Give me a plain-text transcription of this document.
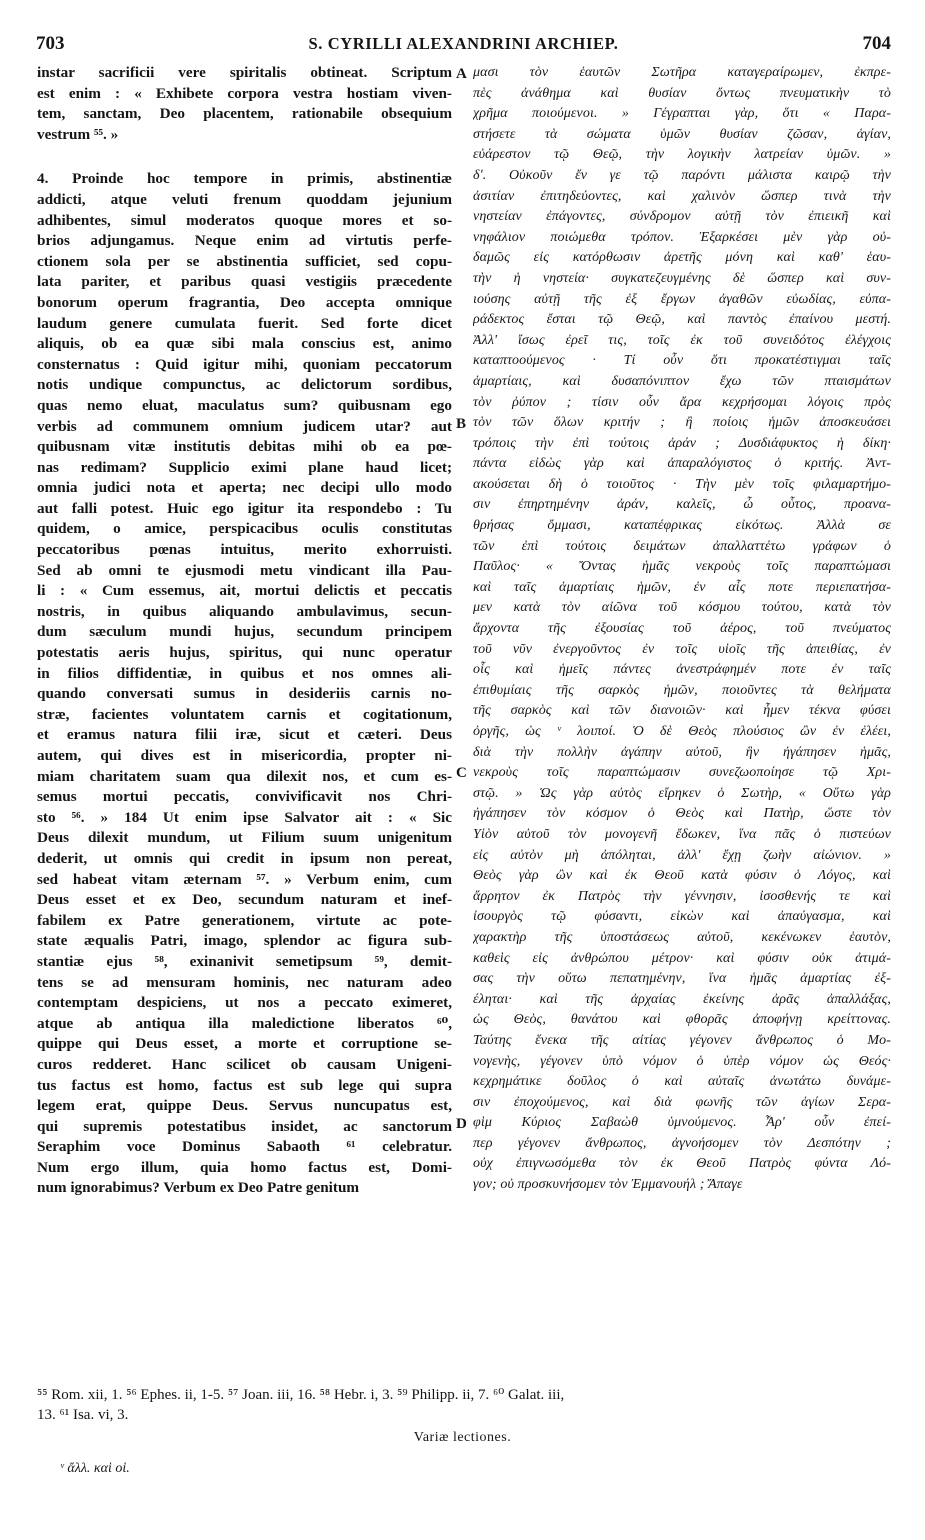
703	S. CYRILLI ALEXANDRINI ARCHIEP.	704
instar sacrificii vere spiritalis obtineat. Scriptum
est enim : « Exhibete corpora vestra hostiam viven-
tem, sanctam, Deo placentem, rationabile obsequium
vestrum ⁵⁵. »
4. Proinde hoc tempore in primis, abstinentiæ
addicti, atque veluti frenum quoddam jejunium
adhibentes, simul moderatos quoque mores et so-
brios adjungamus. Neque enim ad virtutis perfe-
ctionem sola per se abstinentia sufficiet, sed copu-
lata pariter, et paribus quasi vestigiis præcedente
bonorum operum fragrantia, Deo accepta omnique
laudum genere cumulata fuerit. Sed forte dicet
aliquis, ob ea quæ sibi mala conscius est, animo
consternatus : Quid igitur mihi, quoniam peccatorum
notis undique compunctus, ac delictorum sordibus,
quas nemo eluat, maculatus sum? quibusnam ego
verbis ad communem omnium judicem utar? aut
quibusnam vitæ institutis debitas mihi ob ea pœ-
nas redimam? Supplicio eximi plane haud licet;
omnia judici nota et aperta; nec decipi ullo modo
aut falli potest. Huic ego igitur ita respondebo : Tu
quidem, o amice, perspicacibus oculis constitutas
peccatoribus pœnas intuitus, merito exhorruisti.
Sed ab omni te ejusmodi metu vindicant illa Pau-
li : « Cum essemus, ait, mortui delictis et peccatis
nostris, in quibus aliquando ambulavimus, secun-
dum sæculum mundi hujus, secundum principem
potestatis aeris hujus, spiritus, qui nunc operatur
in filios diffidentiæ, in quibus et nos omnes ali-
quando conversati sumus in desideriis carnis no-
stræ, facientes voluntatem carnis et cogitationum,
et eramus natura filii iræ, sicut et cæteri. Deus
autem, qui dives est in misericordia, propter ni-
miam charitatem suam qua dilexit nos, et cum es-
semus mortui peccatis, convivificavit nos Chri-
sto ⁵⁶. » 184 Ut enim ipse Salvator ait : « Sic
Deus dilexit mundum, ut Filium suum unigenitum
dederit, ut omnis qui credit in ipsum non pereat,
sed habeat vitam æternam ⁵⁷. » Verbum enim, cum
Deus esset et ex Deo, secundum naturam et inef-
fabilem ex Patre generationem, virtute ac pote-
state æqualis Patri, imago, splendor ac figura sub-
stantiæ ejus ⁵⁸, exinanivit semetipsum ⁵⁹, demit-
tens se ad mensuram hominis, nec naturam adeo
contemptam despiciens, ut nos a peccato eximeret,
atque ab antiqua illa maledictione liberatos ⁶⁰,
quippe qui Deus esset, a morte et corruptione se-
curos redderet. Hanc scilicet ob causam Unigeni-
tus factus est homo, factus est sub lege qui supra
legem erat, quippe Deus. Servus nuncupatus est,
qui supremis potestatibus insidet, ac sanctorum
Seraphim voce Dominus Sabaoth ⁶¹ celebratur.
Num ergo illum, quia homo factus est, Domi-
num ignorabimus? Verbum ex Deo Patre genitum
μασι τὸν ἑαυτῶν Σωτῆρα καταγεραίρωμεν, ἐκπρε-
πὲς ἀνάθημα καὶ θυσίαν ὄντως πνευματικὴν τὸ
χρῆμα ποιούμενοι. » Γέγραπται γὰρ, ὅτι « Παρα-
στήσετε τὰ σώματα ὑμῶν θυσίαν ζῶσαν, ἁγίαν,
εὐάρεστον τῷ Θεῷ, τὴν λογικὴν λατρείαν ὑμῶν. »
δʹ. Οὐκοῦν ἔν γε τῷ παρόντι μάλιστα καιρῷ τὴν
ἀσιτίαν ἐπιτηδεύοντες, καὶ χαλινὸν ὥσπερ τινὰ τὴν
νηστείαν ἐπάγοντες, σύνδρομον αὐτῇ τὸν ἐπιεικῆ καὶ
νηφάλιον ποιώμεθα τρόπον. Ἐξαρκέσει μὲν γὰρ οὐ-
δαμῶς εἰς κατόρθωσιν ἀρετῆς μόνη καὶ καθ' ἑαυ-
τὴν ἡ νηστεία· συγκατεζευγμένης δὲ ὥσπερ καὶ συν-
ιούσης αὐτῇ τῆς ἐξ ἔργων ἀγαθῶν εὐωδίας, εὐπα-
ράδεκτος ἔσται τῷ Θεῷ, καὶ παντὸς ἐπαίνου μεστή.
Ἀλλ' ἴσως ἐρεῖ τις, τοῖς ἐκ τοῦ συνειδότος ἐλέγχοις
καταπτοούμενος · Τί οὖν ὅτι προκατέστιγμαι ταῖς
ἁμαρτίαις, καὶ δυσαπόνιπτον ἔχω τῶν πταισμάτων
τὸν ῥύπον ; τίσιν οὖν ἄρα κεχρήσομαι λόγοις πρὸς
τὸν τῶν ὅλων κριτήν ; ἢ ποίοις ἡμῶν ἀποσκευάσει
τρόποις τὴν ἐπὶ τούτοις ἀράν ; Δυσδιάφυκτος ἡ δίκη·
πάντα εἰδὼς γὰρ καὶ ἀπαραλόγιστος ὁ κριτής. Ἀντ-
ακούσεται δὴ ὁ τοιοῦτος · Τὴν μὲν τοῖς φιλαμαρτήμο-
σιν ἐπηρτημένην ἀράν, καλεῖς, ὦ οὗτος, προανα-
θρήσας ὄμμασι, καταπέφρικας εἰκότως. Ἀλλὰ σε
τῶν ἐπὶ τούτοις δειμάτων ἀπαλλαττέτω γράφων ὁ
Παῦλος· « Ὄντας ἡμᾶς νεκροὺς τοῖς παραπτώμασι
καὶ ταῖς ἁμαρτίαις ἡμῶν, ἐν αἷς ποτε περιεπατήσα-
μεν κατὰ τὸν αἰῶνα τοῦ κόσμου τούτου, κατὰ τὸν
ἄρχοντα τῆς ἐξουσίας τοῦ ἀέρος, τοῦ πνεύματος
τοῦ νῦν ἐνεργοῦντος ἐν τοῖς υἱοῖς τῆς ἀπειθίας, ἐν
οἷς καὶ ἡμεῖς πάντες ἀνεστράφημέν ποτε ἐν ταῖς
ἐπιθυμίαις τῆς σαρκὸς ἡμῶν, ποιοῦντες τὰ θελήματα
τῆς σαρκὸς καὶ τῶν διανοιῶν· καὶ ἦμεν τέκνα φύσει
ὀργῆς, ὡς ᵛ λοιποί. Ὁ δὲ Θεὸς πλούσιος ὢν ἐν ἐλέει,
διὰ τὴν πολλὴν ἀγάπην αὐτοῦ, ἣν ἠγάπησεν ἡμᾶς,
νεκροὺς τοῖς παραπτώμασιν συνεζωοποίησε τῷ Χρι-
στῷ. » Ὡς γὰρ αὐτὸς εἴρηκεν ὁ Σωτὴρ, « Οὕτω γὰρ
ἠγάπησεν τὸν κόσμον ὁ Θεὸς καὶ Πατὴρ, ὥστε τὸν
Υἱὸν αὐτοῦ τὸν μονογενῆ ἔδωκεν, ἵνα πᾶς ὁ πιστεύων
εἰς αὐτὸν μὴ ἀπόληται, ἀλλ' ἔχῃ ζωὴν αἰώνιον. »
Θεὸς γὰρ ὢν καὶ ἐκ Θεοῦ κατὰ φύσιν ὁ Λόγος, καὶ
ἄρρητον ἐκ Πατρὸς τὴν γέννησιν, ἰσοσθενής τε καὶ
ἰσουργὸς τῷ φύσαντι, εἰκὼν καὶ ἀπαύγασμα, καὶ
χαρακτὴρ τῆς ὑποστάσεως αὐτοῦ, κεκένωκεν ἑαυτὸν,
καθεὶς εἰς ἀνθρώπου μέτρον· καὶ φύσιν οὐκ ἀτιμά-
σας τὴν οὕτω πεπατημένην, ἵνα ἡμᾶς ἁμαρτίας ἐξ-
έληται· καὶ τῆς ἀρχαίας ἐκείνης ἀρᾶς ἀπαλλάξας,
ὡς Θεὸς, θανάτου καὶ φθορᾶς ἀποφήνῃ κρείττονας.
Ταύτης ἕνεκα τῆς αἰτίας γέγονεν ἄνθρωπος ὁ Μο-
νογενὴς, γέγονεν ὑπὸ νόμον ὁ ὑπὲρ νόμον ὡς Θεός·
κεχρημάτικε δοῦλος ὁ καὶ αὐταῖς ἀνωτάτω δυνάμε-
σιν ἐποχούμενος, καὶ διὰ φωνῆς τῶν ἁγίων Σερα-
φὶμ Κύριος Σαβαὼθ ὑμνούμενος. Ἆρ' οὖν ἐπεί-
περ γέγονεν ἄνθρωπος, ἀγνοήσομεν τὸν Δεσπότην ;
οὐχ ἐπιγνωσόμεθα τὸν ἐκ Θεοῦ Πατρὸς φύντα Λό-
γον; οὐ προσκυνήσομεν τὸν Ἐμμανουήλ ; Ἄπαγε
A
B
C
D
⁵⁵ Rom. xii, 1. ⁵⁶ Ephes. ii, 1-5. ⁵⁷ Joan. iii, 16. ⁵⁸ Hebr. i, 3. ⁵⁹ Philipp. ii, 7. ⁶⁰ Galat. iii,
13. ⁶¹ Isa. vi, 3.
Variæ lectiones.
ᵛ ἄλλ. καὶ οἱ.
